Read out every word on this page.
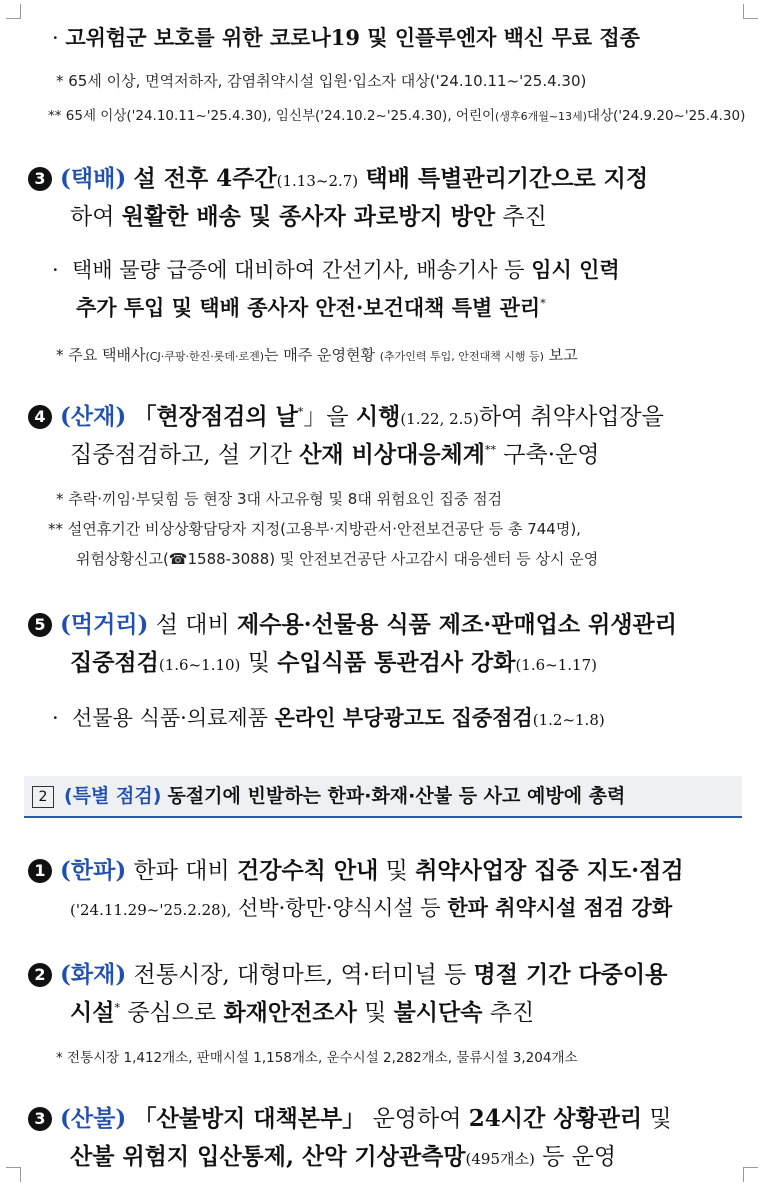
· 고위험군 보호를 위한 코로나19 및 인플루엔자 백신 무료 접종
* 65세 이상, 면역저하자, 감염취약시설 입원·입소자 대상('24.10.11~'25.4.30)
** 65세 이상('24.10.11~'25.4.30), 임신부('24.10.2~'25.4.30), 어린이(생후6개월~13세)대상('24.9.20~'25.4.30)
3 (택배) 설 전후 4주간(1.13~2.7) 택배 특별관리기간으로 지정
하여 원활한 배송 및 종사자 과로방지 방안 추진
· 택배 물량 급증에 대비하여 간선기사, 배송기사 등 임시 인력
추가 투입 및 택배 종사자 안전·보건대책 특별 관리*
* 주요 택배사(CJ·쿠팡·한진·롯데·로젠)는 매주 운영현황 (추가인력 투입, 안전대책 시행 등) 보고
4 (산재) 「현장점검의 날*」을 시행(1.22, 2.5)하여 취약사업장을
집중점검하고, 설 기간 산재 비상대응체계** 구축·운영
* 추락·끼임·부딪힘 등 현장 3대 사고유형 및 8대 위험요인 집중 점검
** 설연휴기간 비상상황담당자 지정(고용부·지방관서·안전보건공단 등 총 744명),
위험상황신고(☎1588-3088) 및 안전보건공단 사고감시 대응센터 등 상시 운영
5 (먹거리) 설 대비 제수용·선물용 식품 제조·판매업소 위생관리
집중점검(1.6~1.10) 및 수입식품 통관검사 강화(1.6~1.17)
· 선물용 식품·의료제품 온라인 부당광고도 집중점검(1.2~1.8)
2 (특별 점검) 동절기에 빈발하는 한파·화재·산불 등 사고 예방에 총력
1 (한파) 한파 대비 건강수칙 안내 및 취약사업장 집중 지도·점검
('24.11.29~'25.2.28), 선박·항만·양식시설 등 한파 취약시설 점검 강화
2 (화재) 전통시장, 대형마트, 역·터미널 등 명절 기간 다중이용
시설* 중심으로 화재안전조사 및 불시단속 추진
* 전통시장 1,412개소, 판매시설 1,158개소, 운수시설 2,282개소, 물류시설 3,204개소
3 (산불) 「산불방지 대책본부」 운영하여 24시간 상황관리 및
산불 위험지 입산통제, 산악 기상관측망(495개소) 등 운영
